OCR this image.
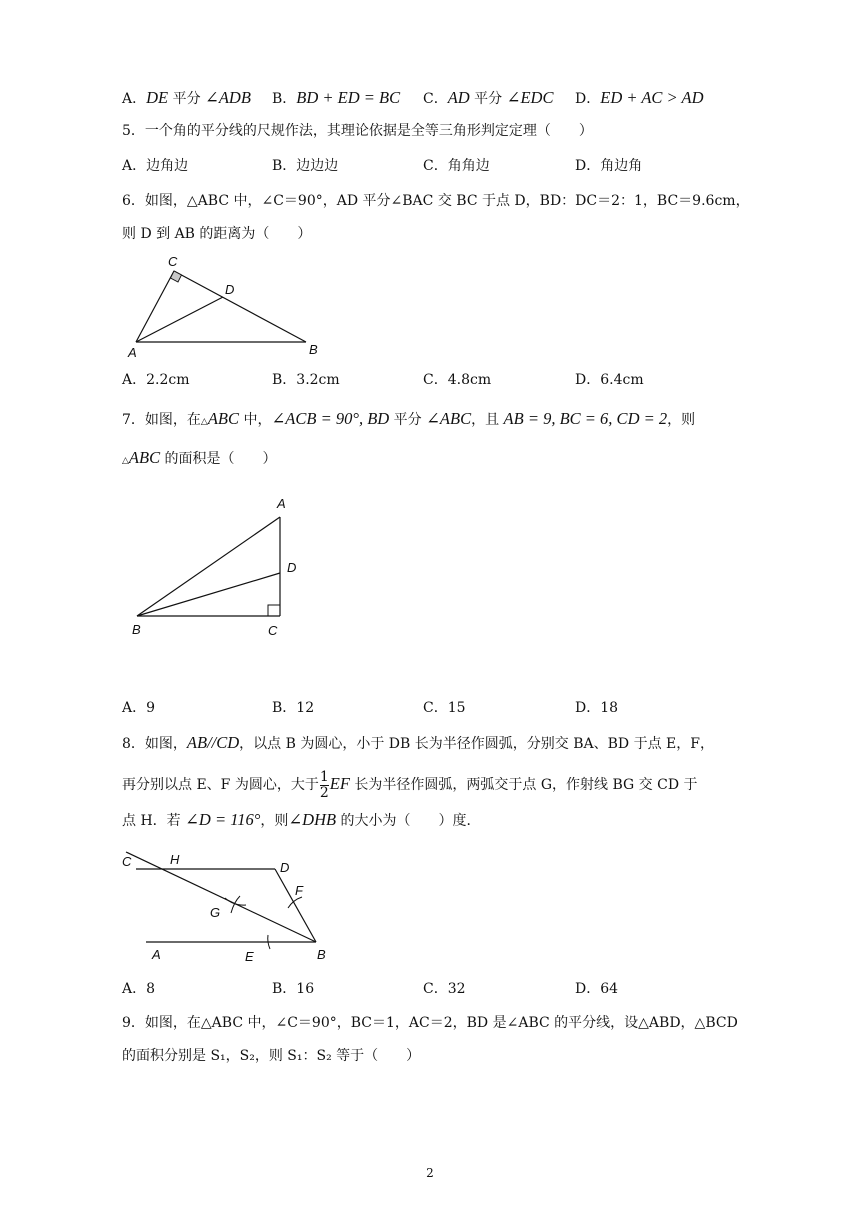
A．DE 平分 ∠ADB B．BD + ED = BC C．AD 平分 ∠EDC D．ED + AC > AD
5．一个角的平分线的尺规作法，其理论依据是全等三角形判定定理（　　）
A．边角边	B．边边边	C．角角边	D．角边角
6．如图，△ABC 中，∠C＝90°，AD 平分∠BAC 交 BC 于点 D，BD：DC＝2：1，BC＝9.6cm，
则 D 到 AB 的距离为（　　）
C
D
A	B
A．2.2cm	B．3.2cm	C．4.8cm	D．6.4cm
7．如图，在△ABC 中，∠ACB = 90°, BD 平分 ∠ABC，且 AB = 9, BC = 6, CD = 2，则
△ABC 的面积是（　　）
A
D
B	C
A．9	B．12	C．15	D．18
8．如图，AB//CD，以点 B 为圆心，小于 DB 长为半径作圆弧，分别交 BA、BD 于点 E，F，
再分别以点 E、F 为圆心，大于 $\frac{1}{2}$ EF 长为半径作圆弧，两弧交于点 G，作射线 BG 交 CD 于
点 H．若 ∠D = 116°，则∠DHB 的大小为（　　）度．
C	H
D
F
G
A	E	B
A．8	B．16	C．32	D．64
9．如图，在△ABC 中，∠C＝90°，BC＝1，AC＝2，BD 是∠ABC 的平分线，设△ABD，△BCD
的面积分别是 S₁，S₂，则 S₁：S₂ 等于（　　）
2
